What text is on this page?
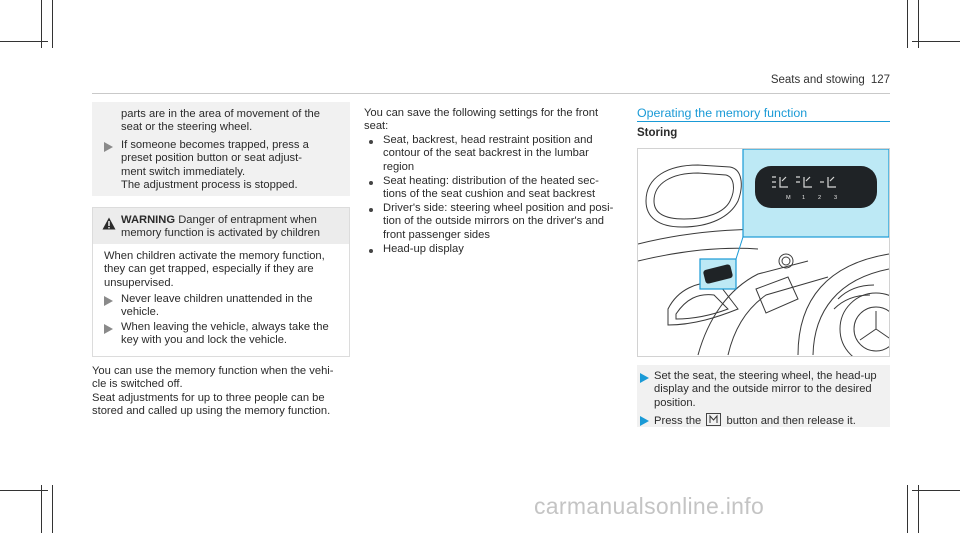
Seats and stowing 127

parts are in the area of movement of the

seat or the steering wheel.

If someone becomes trapped, press a

preset position button or seat adjust-

ment switch immediately.

The adjustment process is stopped.

WARNING Danger of entrapment when

memory function is activated by children

When children activate the memory function,

they can get trapped, especially if they are

unsupervised.

Never leave children unattended in the

vehicle.

When leaving the vehicle, always take the

key with you and lock the vehicle.

You can use the memory function when the vehi-

cle is switched off.

Seat adjustments for up to three people can be

stored and called up using the memory function.

You can save the following settings for the front

seat:

Seat, backrest, head restraint position and

contour of the seat backrest in the lumbar

region

Seat heating: distribution of the heated sec-

tions of the seat cushion and seat backrest

Driver's side: steering wheel position and posi-

tion of the outside mirrors on the driver's and

front passenger sides

Head-up display

Operating the memory function
Storing
M 1 2 3

Set the seat, the steering wheel, the head-up

display and the outside mirror to the desired

position.

Press the button and then release it.

carmanualsonline.info
